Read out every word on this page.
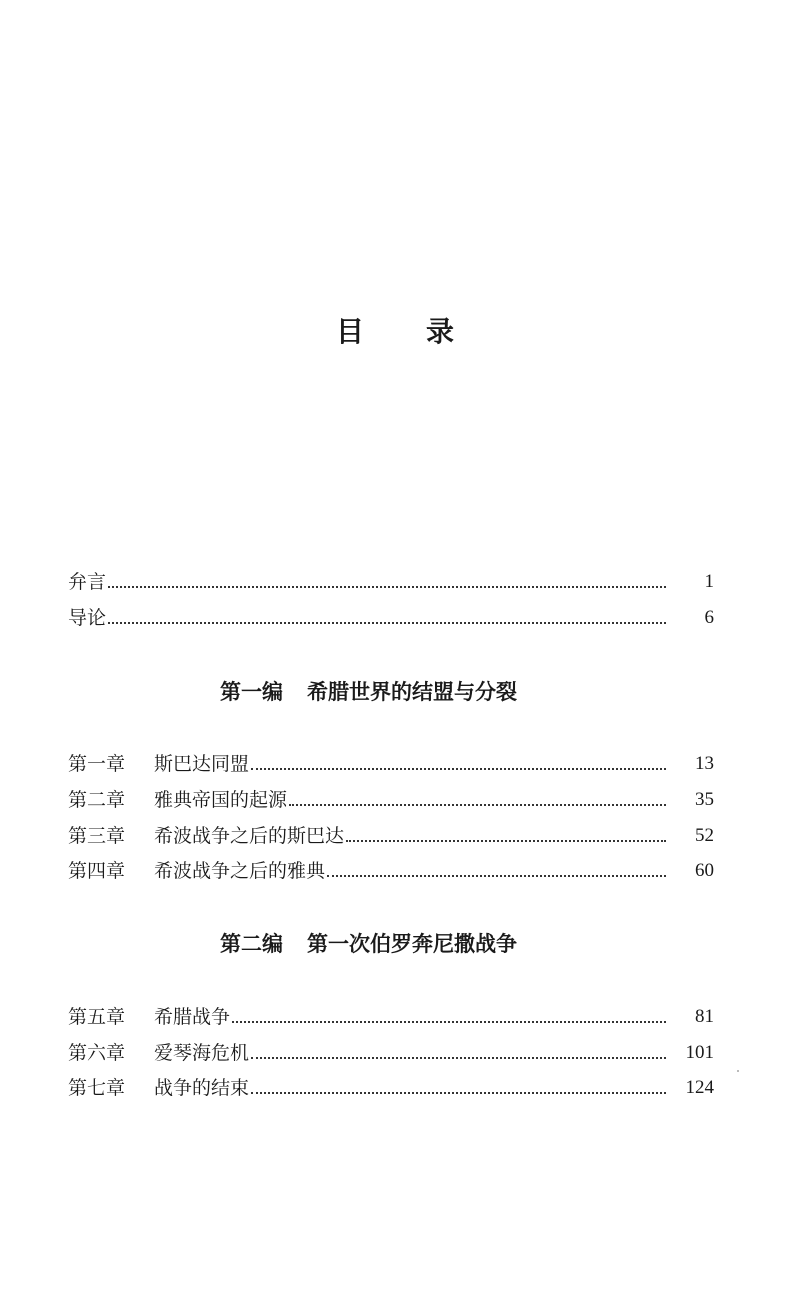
目 录
弁言	1
导论	6
第一编 希腊世界的结盟与分裂
第一章	斯巴达同盟	13
第二章	雅典帝国的起源	35
第三章	希波战争之后的斯巴达	52
第四章	希波战争之后的雅典	60
第二编 第一次伯罗奔尼撒战争
第五章	希腊战争	81
第六章	爱琴海危机	101
第七章	战争的结束	124
